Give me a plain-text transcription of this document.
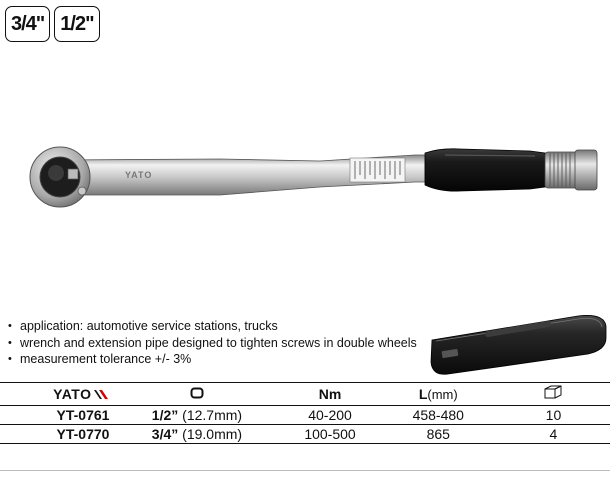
3/4" 1/2"
YATO
• application: automotive service stations, trucks
• wrench and extension pipe designed to tighten screws in double wheels
• measurement tolerance +/- 3%
YATO		Nm	L(mm)	
YT-0761	1/2” (12.7mm)	40-200	458-480	10
YT-0770	3/4” (19.0mm)	100-500	865	4
